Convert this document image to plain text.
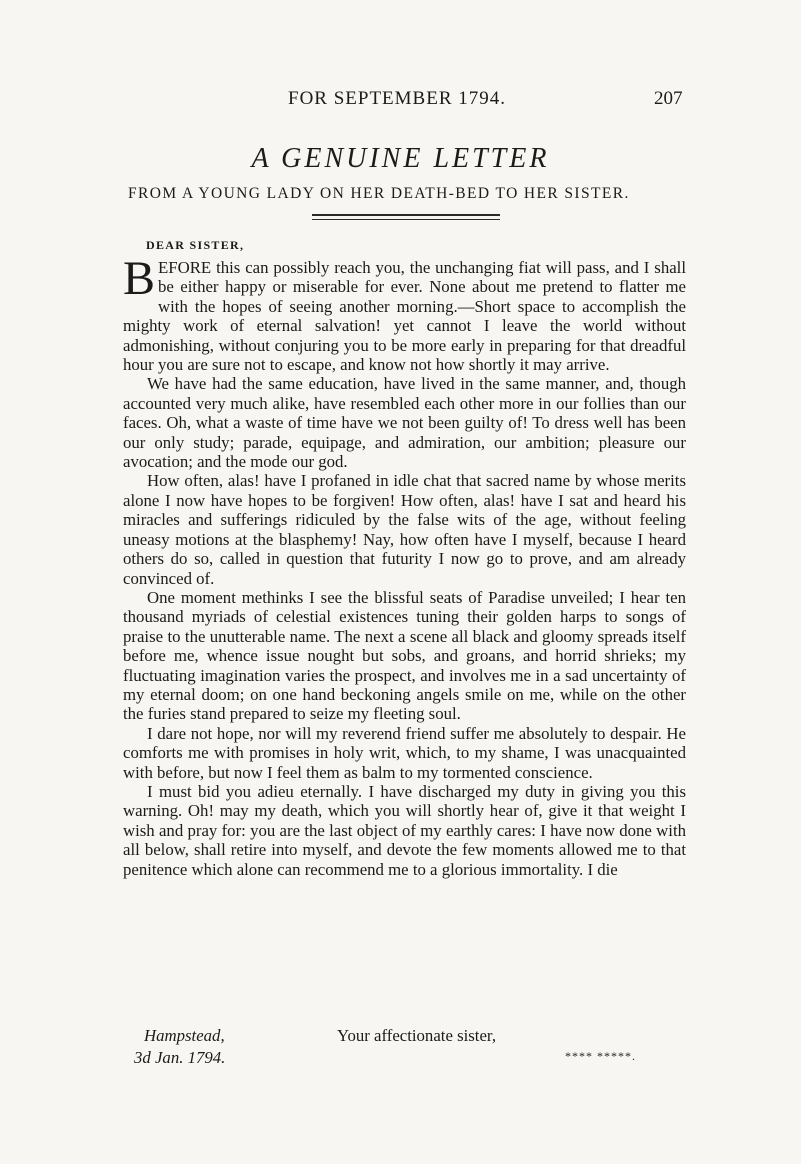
FOR SEPTEMBER 1794.	207
A GENUINE LETTER
FROM A YOUNG LADY ON HER DEATH-BED TO HER SISTER.
DEAR SISTER,

BEFORE this can possibly reach you, the unchanging fiat will pass, and I shall be either happy or miserable for ever. None about me pretend to flatter me with the hopes of seeing another morning.—Short space to accomplish the mighty work of eternal salvation! yet cannot I leave the world without admonishing, without conjuring you to be more early in preparing for that dreadful hour you are sure not to escape, and know not how shortly it may arrive.

We have had the same education, have lived in the same manner, and, though accounted very much alike, have resembled each other more in our follies than our faces. Oh, what a waste of time have we not been guilty of! To dress well has been our only study; parade, equipage, and admiration, our ambition; pleasure our avocation; and the mode our god.

How often, alas! have I profaned in idle chat that sacred name by whose merits alone I now have hopes to be forgiven! How often, alas! have I sat and heard his miracles and sufferings ridiculed by the false wits of the age, without feeling uneasy motions at the blasphemy! Nay, how often have I myself, because I heard others do so, called in question that futurity I now go to prove, and am already convinced of.

One moment methinks I see the blissful seats of Paradise unveiled; I hear ten thousand myriads of celestial existences tuning their golden harps to songs of praise to the unutterable name. The next a scene all black and gloomy spreads itself before me, whence issue nought but sobs, and groans, and horrid shrieks; my fluctuating imagination varies the prospect, and involves me in a sad uncertainty of my eternal doom; on one hand beckoning angels smile on me, while on the other the furies stand prepared to seize my fleeting soul.

I dare not hope, nor will my reverend friend suffer me absolutely to despair. He comforts me with promises in holy writ, which, to my shame, I was unacquainted with before, but now I feel them as balm to my tormented conscience.

I must bid you adieu eternally. I have discharged my duty in giving you this warning. Oh! may my death, which you will shortly hear of, give it that weight I wish and pray for: you are the last object of my earthly cares: I have now done with all below, shall retire into myself, and devote the few moments allowed me to that penitence which alone can recommend me to a glorious immortality. I die

Hampstead,	Your affectionate sister,
3d Jan. 1794.	**** *****.
